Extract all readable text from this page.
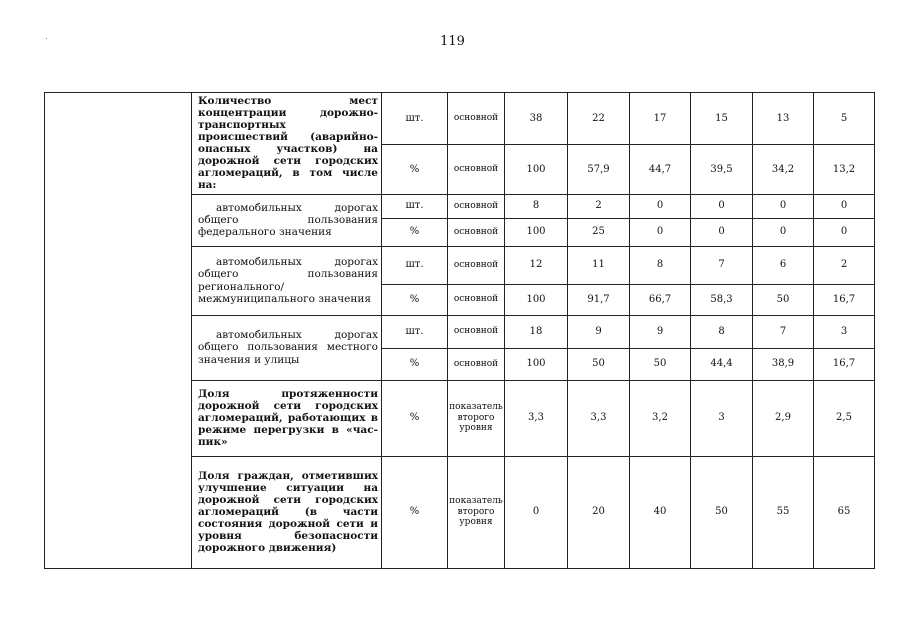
119

	Количество мест концентрации дорожно-транспортных происшествий (аварийно-опасных участков) на дорожной сети городских агломераций, в том числе на:	шт.	основной	38	22	17	15	13	5
		%	основной	100	57,9	44,7	39,5	34,2	13,2

	автомобильных дорогах общего пользования федерального значения	шт.	основной	8	2	0	0	0	0
		%	основной	100	25	0	0	0	0

	автомобильных дорогах общего пользования регионального/ межмуниципального значения	шт.	основной	12	11	8	7	6	2
		%	основной	100	91,7	66,7	58,3	50	16,7

	автомобильных дорогах общего пользования местного значения и улицы	шт.	основной	18	9	9	8	7	3
		%	основной	100	50	50	44,4	38,9	16,7

	Доля протяженности дорожной сети городских агломераций, работающих в режиме перегрузки в «час-пик»	%	показатель второго уровня	3,3	3,3	3,2	3	2,9	2,5

	Доля граждан, отметивших улучшение ситуации на дорожной сети городских агломераций (в части состояния дорожной сети и уровня безопасности дорожного движения)	%	показатель второго уровня	0	20	40	50	55	65
